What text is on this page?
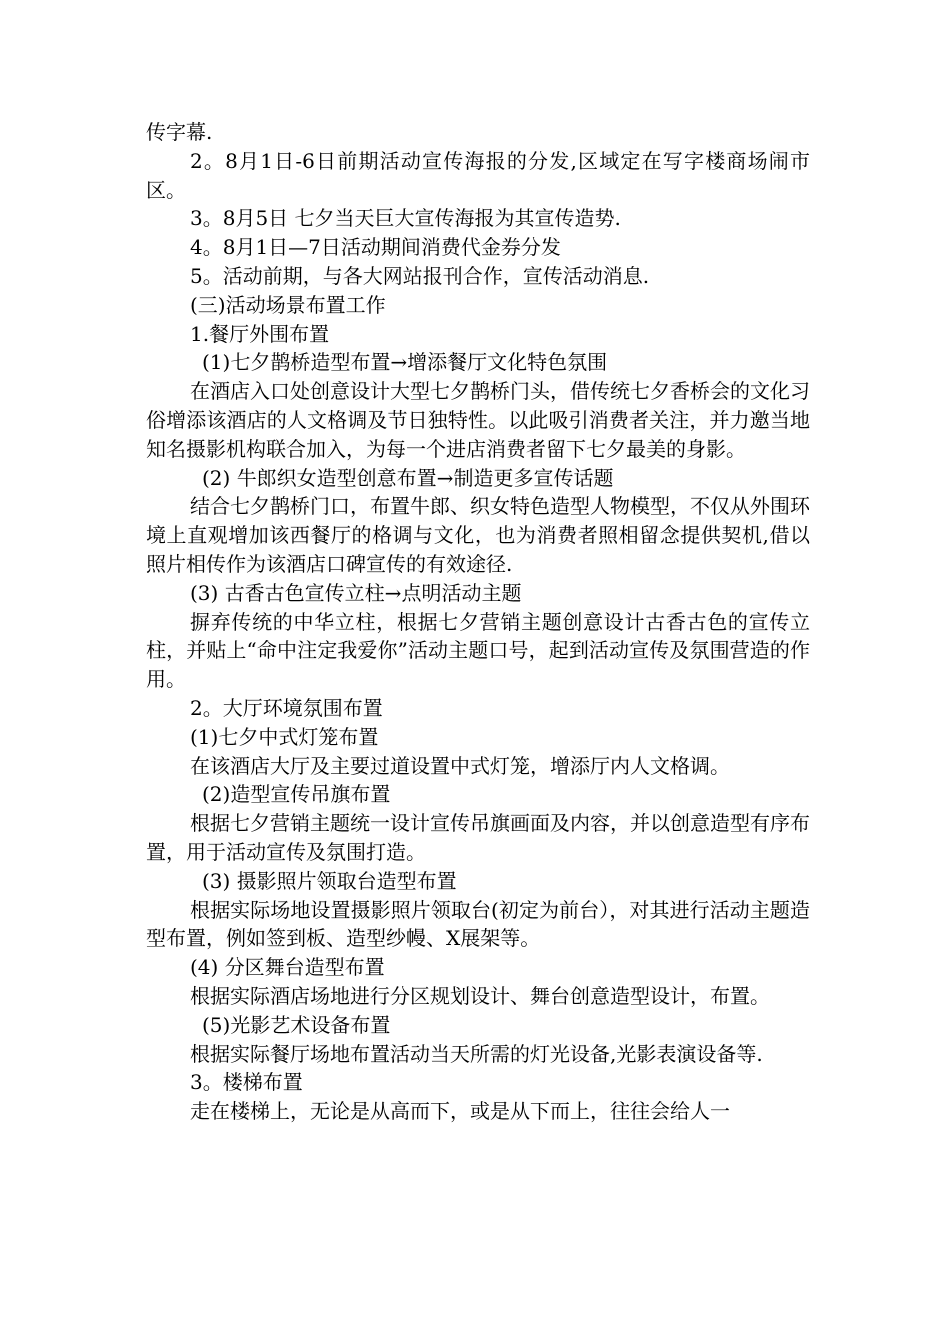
传字幕.

2。8月1日-6日前期活动宣传海报的分发,区域定在写字楼商场闹市区。

3。8月5日 七夕当天巨大宣传海报为其宣传造势.

4。8月1日—7日活动期间消费代金券分发

5。活动前期，与各大网站报刊合作，宣传活动消息.

(三)活动场景布置工作

1.餐厅外围布置

(1)七夕鹊桥造型布置→增添餐厅文化特色氛围

在酒店入口处创意设计大型七夕鹊桥门头，借传统七夕香桥会的文化习俗增添该酒店的人文格调及节日独特性。以此吸引消费者关注，并力邀当地知名摄影机构联合加入，为每一个进店消费者留下七夕最美的身影。

(2) 牛郎织女造型创意布置→制造更多宣传话题

结合七夕鹊桥门口，布置牛郎、织女特色造型人物模型，不仅从外围环境上直观增加该西餐厅的格调与文化，也为消费者照相留念提供契机,借以照片相传作为该酒店口碑宣传的有效途径.

(3) 古香古色宣传立柱→点明活动主题

摒弃传统的中华立柱，根据七夕营销主题创意设计古香古色的宣传立柱，并贴上“命中注定我爱你”活动主题口号，起到活动宣传及氛围营造的作用。

2。大厅环境氛围布置

(1)七夕中式灯笼布置

在该酒店大厅及主要过道设置中式灯笼，增添厅内人文格调。

(2)造型宣传吊旗布置

根据七夕营销主题统一设计宣传吊旗画面及内容，并以创意造型有序布置，用于活动宣传及氛围打造。

(3) 摄影照片领取台造型布置

根据实际场地设置摄影照片领取台(初定为前台），对其进行活动主题造型布置，例如签到板、造型纱幔、X展架等。

(4) 分区舞台造型布置

根据实际酒店场地进行分区规划设计、舞台创意造型设计，布置。

(5)光影艺术设备布置

根据实际餐厅场地布置活动当天所需的灯光设备,光影表演设备等.

3。楼梯布置

走在楼梯上，无论是从高而下，或是从下而上，往往会给人一
